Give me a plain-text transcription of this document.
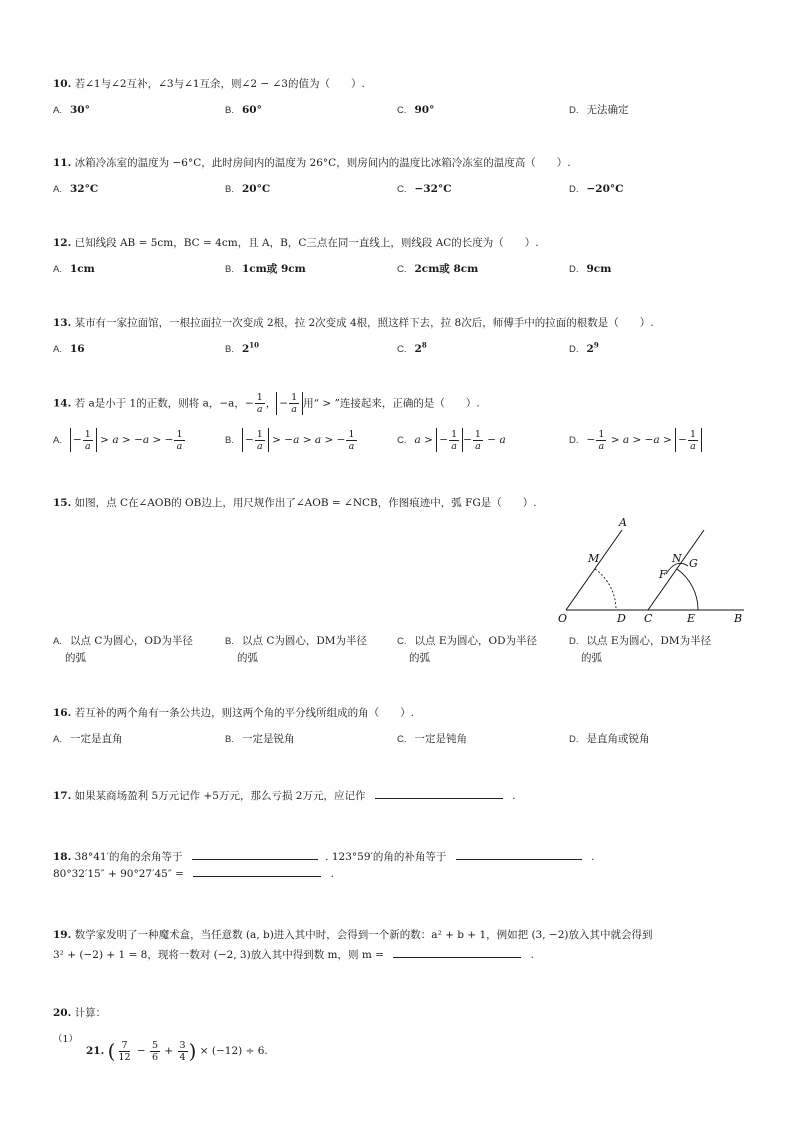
10. 若∠1与∠2互补，∠3与∠1互余，则∠2 − ∠3的值为（　　）.
A. 30°	B. 60°	C. 90°	D. 无法确定
11. 冰箱冷冻室的温度为 −6°C，此时房间内的温度为 26°C，则房间内的温度比冰箱冷冻室的温度高（　　）.
A. 32°C	B. 20°C	C. −32°C	D. −20°C
12. 已知线段 AB = 5cm，BC = 4cm，且 A，B，C三点在同一直线上，则线段 AC的长度为（　　）.
A. 1cm	B. 1cm或 9cm	C. 2cm或 8cm	D. 9cm
13. 某市有一家拉面馆，一根拉面拉一次变成 2根，拉 2次变成 4根，照这样下去，拉 8次后，师傅手中的拉面的根数是（　　）.
A. 16	B. $2^{10}$	C. $2^8$	D. $2^9$
14. 若 a是小于 1的正数，则将 a，−a，− $\frac{1}{a}$ ， − $\frac{1}{a}$ 用“ > ”连接起来，正确的是（　　）.
A. − $\frac{1}{a} > a > -a$ > − $\frac{1}{a}$	B. − $\frac{1}{a} > -a > a$ > − $\frac{1}{a}$	C. a > − $\frac{1}{a} - \frac{1}{a} - a$	D. − $\frac{1}{a} > a > -a$ > − $\frac{1}{a}$
15. 如图，点 C在∠AOB的 OB边上，用尺规作出了∠AOB = ∠NCB，作图痕迹中，弧 FG是（　　）.
A
M	N G
F
O	D C	E	B
A. 以点 C为圆心，OD为半径
的弧
B. 以点 C为圆心，DM为半径
的弧
C. 以点 E为圆心，OD为半径
的弧
D. 以点 E为圆心，DM为半径
的弧
16. 若互补的两个角有一条公共边，则这两个角的平分线所组成的角（　　）.
A. 一定是直角	B. 一定是锐角	C. 一定是钝角	D. 是直角或锐角
17. 如果某商场盈利 5万元记作 +5万元，那么亏损 2万元，应记作	.
18. 38°41′的角的余角等于	. 123°59′的角的补角等于	.
80°32′15″ + 90°27′45″ =	.
19. 数学家发明了一种魔术盒，当任意数 (a, b)进入其中时，会得到一个新的数：a² + b + 1，例如把 (3, −2)放入其中就会得到
3² + (−2) + 1 = 8，现将一数对 (−2, 3)放入其中得到数 m，则 m =	.
20. 计算：
（1）
21. ( $\frac{7}{12} - \frac{5}{6} + \frac{3}{4}$ ) × (−12) ÷ 6.
